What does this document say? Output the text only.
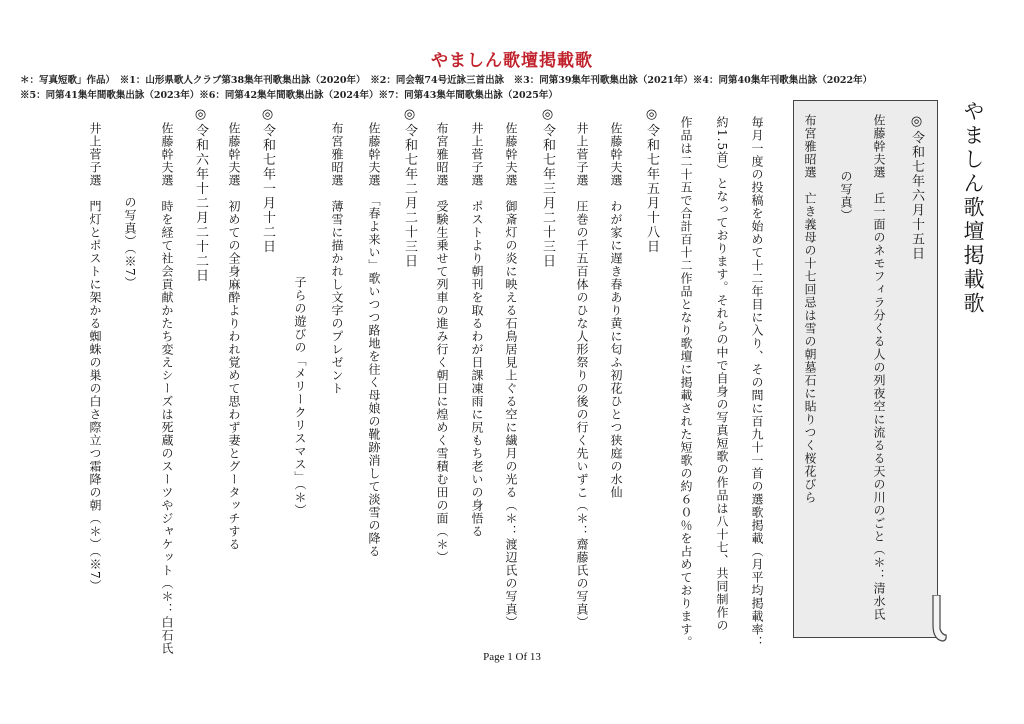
やましん歌壇掲載歌
＊：写真短歌」作品）　※1：山形県歌人クラブ第38集年刊歌集出詠（2020年）　※2：同会報74号近詠三首出詠　※3：同第39集年刊歌集出詠（2021年）※4：同第40集年刊歌集出詠（2022年）
※5：同第41集年間歌集出詠（2023年）※6：同第42集年間歌集出詠（2024年）※7：同第43集年間歌集出詠（2025年）
やましん歌壇掲載歌
◎令和七年六月十五日
佐藤幹夫選　丘一面のネモフィラ分くる人の列夜空に流るる天の川のごと（＊：清水氏
の写真）
布宮雅昭選　亡き義母の十七回忌は雪の朝墓石に貼りつく桜花びら
毎月一度の投稿を始めて十二年目に入り、その間に百九十一首の選歌掲載（月平均掲載率：
約1.5首）となっております。それらの中で自身の写真短歌の作品は八十七、共同制作の
作品は二十五で合計百十二作品となり歌壇に掲載された短歌の約６０％を占めております。
◎令和七年五月十八日
佐藤幹夫選　わが家に遅き春あり黄に匂ふ初花ひとつ狭庭の水仙
井上菅子選　圧巻の千五百体のひな人形祭りの後の行く先いずこ（＊：齋藤氏の写真）
◎令和七年三月二十三日
佐藤幹夫選　御斎灯の炎に映える石鳥居見上ぐる空に繊月の光る（＊：渡辺氏の写真）
井上菅子選　ポストより朝刊を取るわが日課凍雨に尻もち老いの身悟る
布宮雅昭選　受験生乗せて列車の進み行く朝日に煌めく雪積む田の面（＊）
◎令和七年二月二十三日
佐藤幹夫選　「春よ来い」歌いつつ路地を往く母娘の靴跡消して淡雪の降る
布宮雅昭選　薄雪に描かれし文字のプレゼント
子らの遊びの「メリークリスマス」（＊）
◎令和七年一月十二日
佐藤幹夫選　初めての全身麻酔よりわれ覚めて思わず妻とグータッチする
◎令和六年十二月二十二日
佐藤幹夫選　時を経て社会貢献かたち変えシーズは死蔵のスーツやジャケット（＊：白石氏
の写真）（※7）
井上菅子選　門灯とポストに架かる蜘蛛の巣の白さ際立つ霜降の朝（＊）（※7）
Page 1 Of 13
